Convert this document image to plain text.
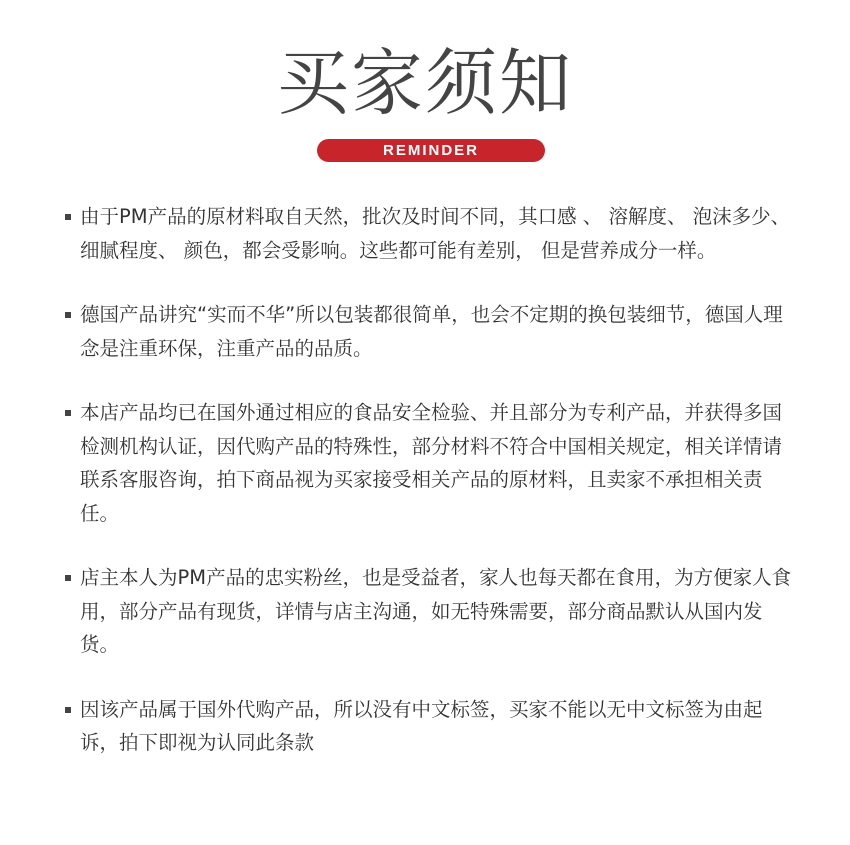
买家须知
REMINDER
由于PM产品的原材料取自天然，批次及时间不同，其口感 、 溶解度、 泡沫多少、细腻程度、 颜色，都会受影响。这些都可能有差别， 但是营养成分一样。
德国产品讲究“实而不华”所以包装都很简单，也会不定期的换包装细节，德国人理念是注重环保，注重产品的品质。
本店产品均已在国外通过相应的食品安全检验、并且部分为专利产品，并获得多国检测机构认证，因代购产品的特殊性，部分材料不符合中国相关规定，相关详情请联系客服咨询，拍下商品视为买家接受相关产品的原材料，且卖家不承担相关责任。
店主本人为PM产品的忠实粉丝，也是受益者，家人也每天都在食用，为方便家人食用，部分产品有现货，详情与店主沟通，如无特殊需要，部分商品默认从国内发货。
因该产品属于国外代购产品，所以没有中文标签，买家不能以无中文标签为由起诉，拍下即视为认同此条款
